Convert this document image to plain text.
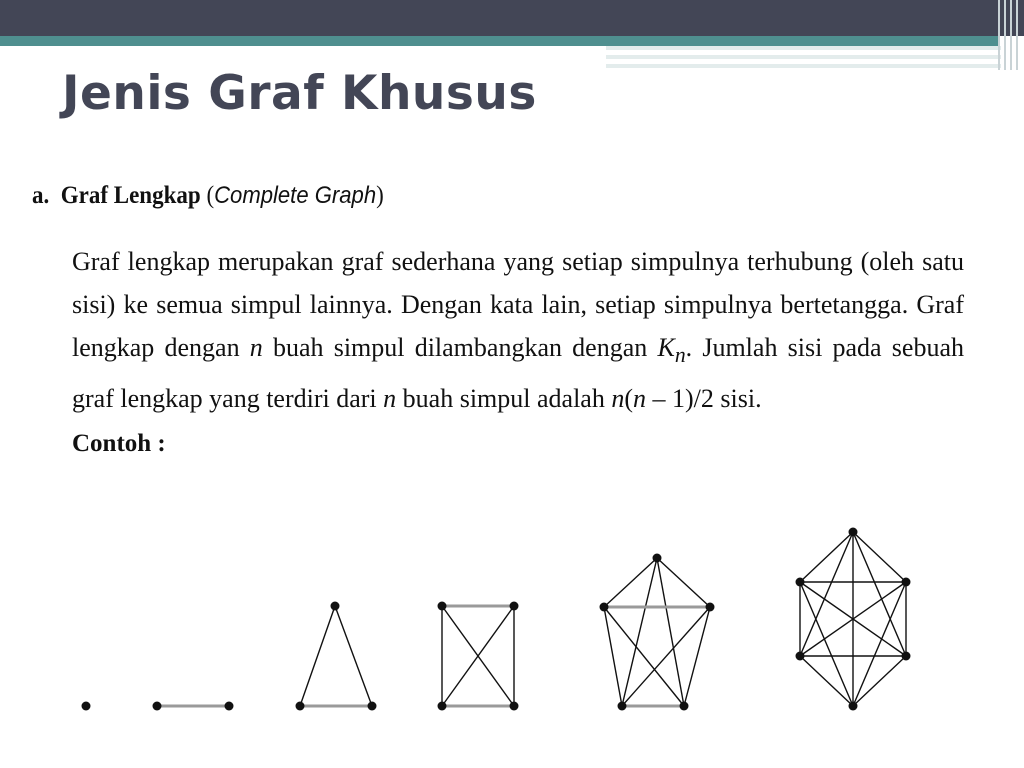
Jenis Graf Khusus
a. Graf Lengkap (Complete Graph)

Graf lengkap merupakan graf sederhana yang setiap simpulnya terhubung (oleh satu sisi) ke semua simpul lainnya. Dengan kata lain, setiap simpulnya bertetangga. Graf lengkap dengan n buah simpul dilambangkan dengan $K_n$. Jumlah sisi pada sebuah graf lengkap yang terdiri dari n buah simpul adalah n(n – 1)/2 sisi.

Contoh :
